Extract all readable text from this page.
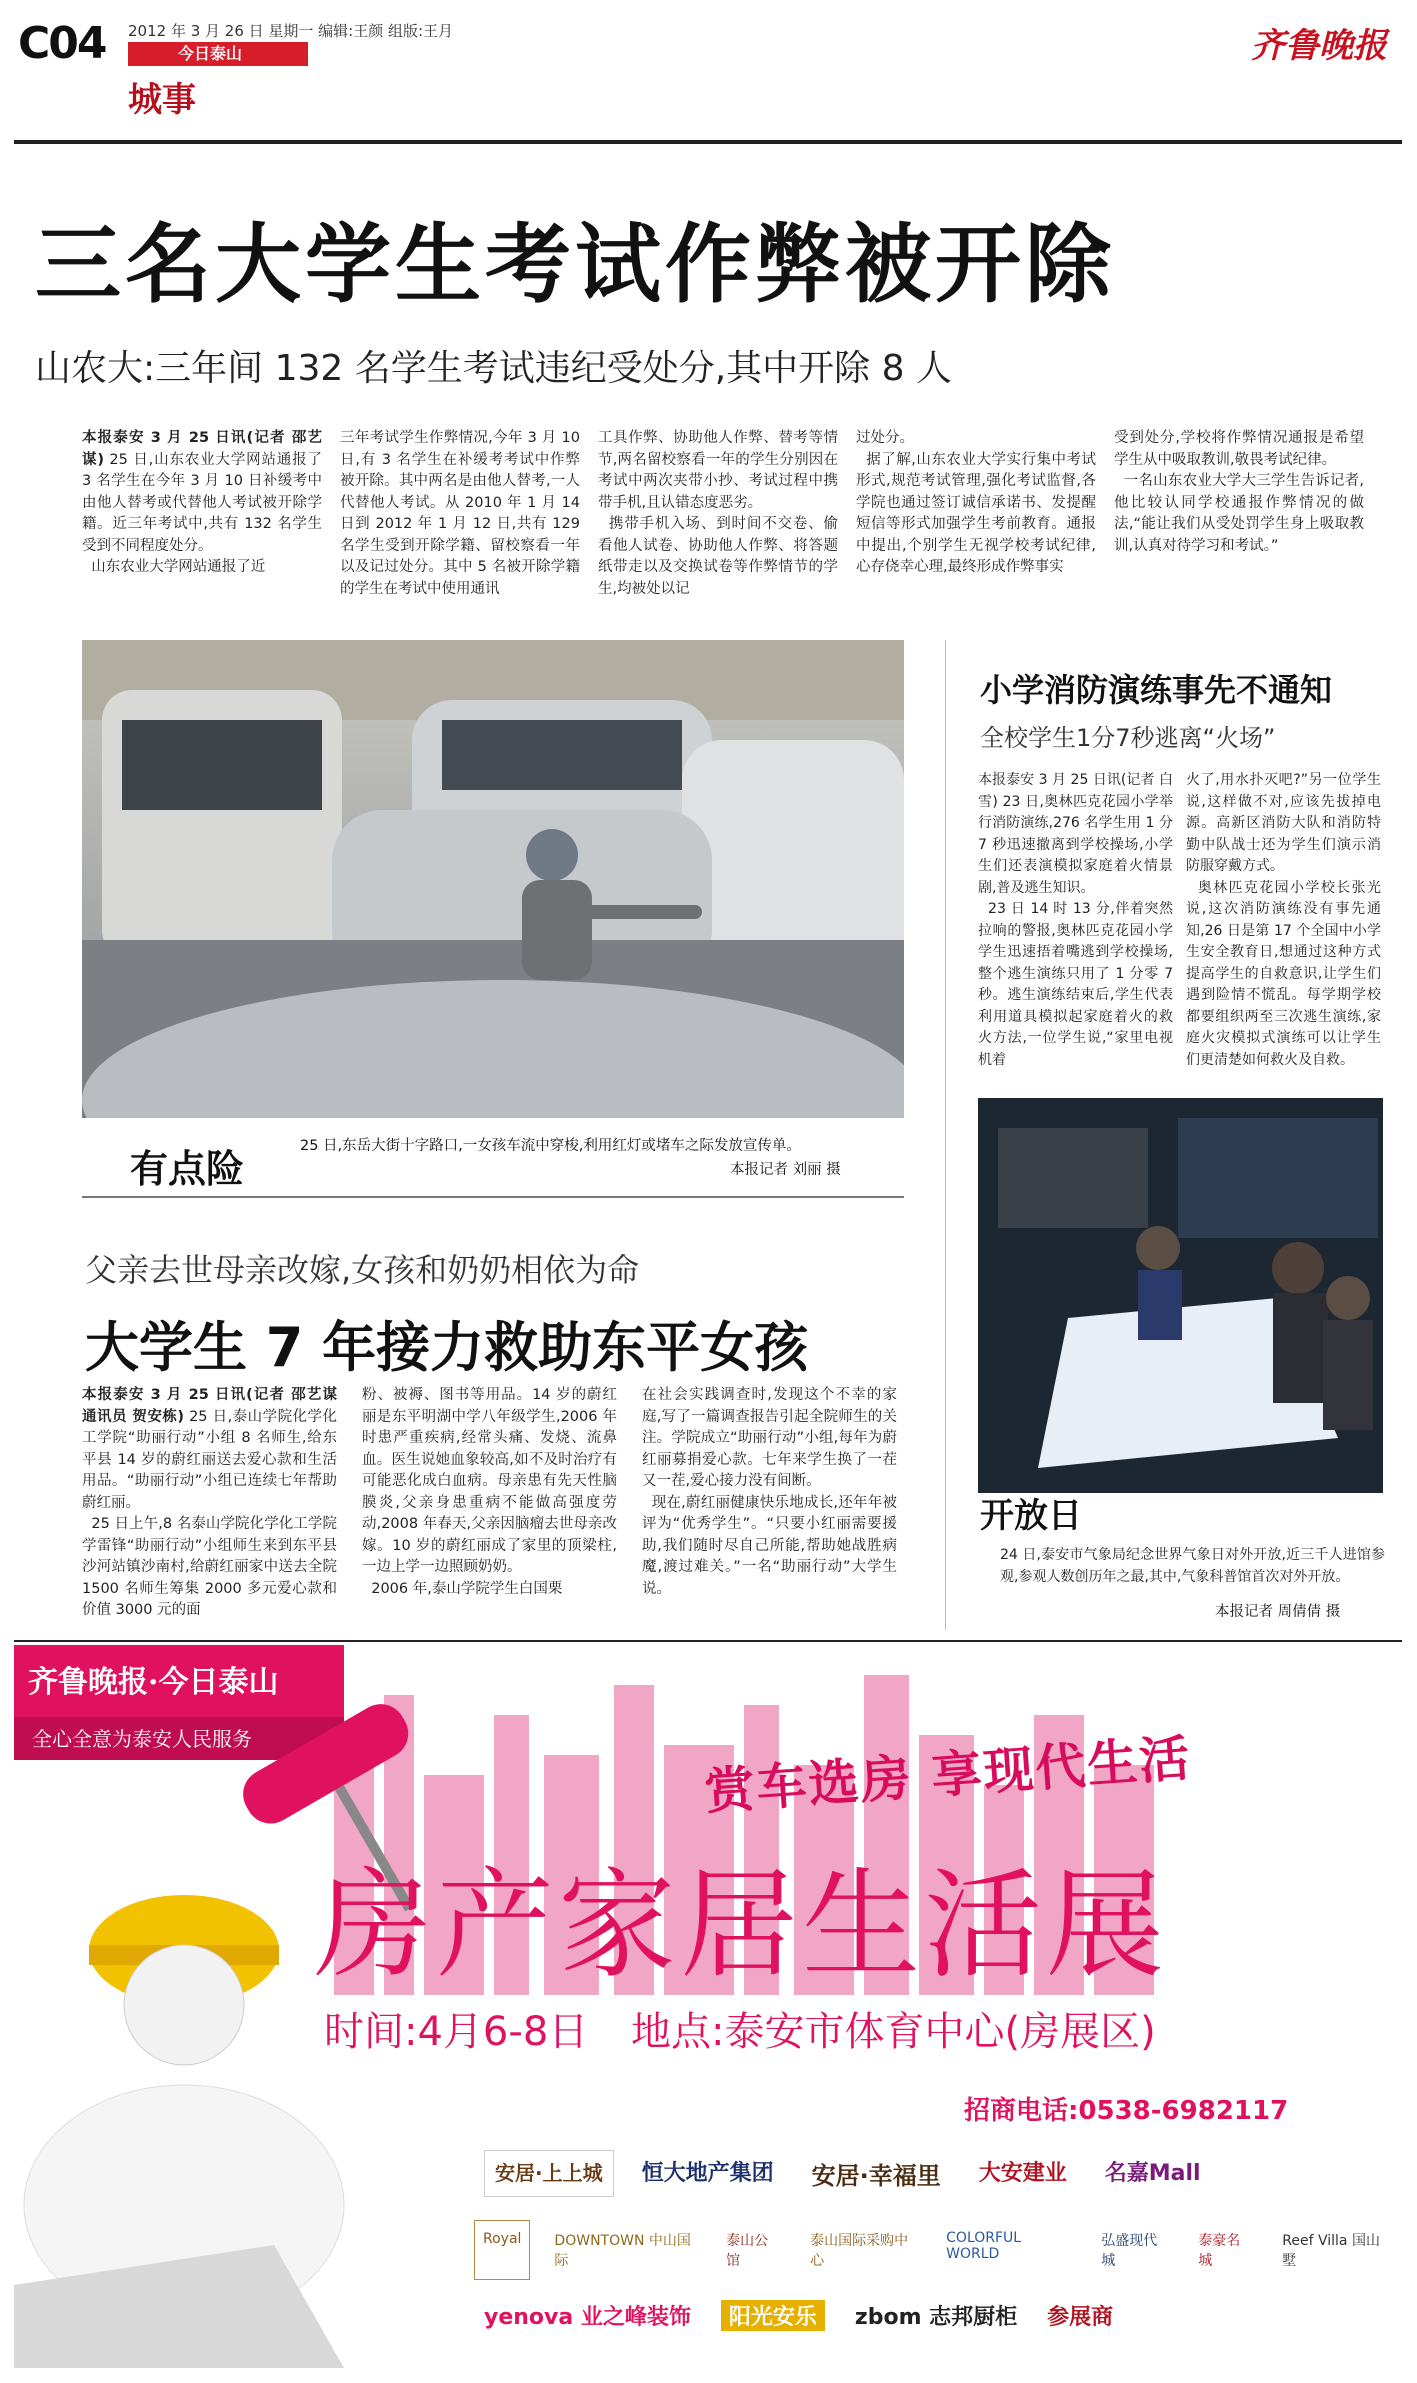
C04 2012 年 3 月 26 日 星期一 编辑:王颜 组版:王月
今日泰山
城事
齐鲁晚报
三名大学生考试作弊被开除
山农大:三年间 132 名学生考试违纪受处分,其中开除 8 人
本报泰安 3 月 25 日讯(记者 邵艺谋) 25 日,山东农业大学网站通报了 3 名学生在今年 3 月 10 日补缓考中由他人替考或代替他人考试被开除学籍。近三年考试中,共有 132 名学生受到不同程度处分。
山东农业大学网站通报了近
三年考试学生作弊情况,今年 3 月 10 日,有 3 名学生在补缓考考试中作弊被开除。其中两名是由他人替考,一人代替他人考试。从 2010 年 1 月 14 日到 2012 年 1 月 12 日,共有 129 名学生受到开除学籍、留校察看一年以及记过处分。其中 5 名被开除学籍的学生在考试中使用通讯
工具作弊、协助他人作弊、替考等情节,两名留校察看一年的学生分别因在考试中两次夹带小抄、考试过程中携带手机,且认错态度恶劣。
携带手机入场、到时间不交卷、偷看他人试卷、协助他人作弊、将答题纸带走以及交换试卷等作弊情节的学生,均被处以记
过处分。
据了解,山东农业大学实行集中考试形式,规范考试管理,强化考试监督,各学院也通过签订诚信承诺书、发提醒短信等形式加强学生考前教育。通报中提出,个别学生无视学校考试纪律,心存侥幸心理,最终形成作弊事实
受到处分,学校将作弊情况通报是希望学生从中吸取教训,敬畏考试纪律。
一名山东农业大学大三学生告诉记者,他比较认同学校通报作弊情况的做法,“能让我们从受处罚学生身上吸取教训,认真对待学习和考试。”
有点险
25 日,东岳大街十字路口,一女孩车流中穿梭,利用红灯或堵车之际发放宣传单。
本报记者 刘丽 摄
小学消防演练事先不通知
全校学生1分7秒逃离“火场”
本报泰安 3 月 25 日讯(记者 白雪) 23 日,奥林匹克花园小学举行消防演练,276 名学生用 1 分 7 秒迅速撤离到学校操场,小学生们还表演模拟家庭着火情景剧,普及逃生知识。
23 日 14 时 13 分,伴着突然拉响的警报,奥林匹克花园小学学生迅速捂着嘴逃到学校操场,整个逃生演练只用了 1 分零 7 秒。逃生演练结束后,学生代表利用道具模拟起家庭着火的救火方法,一位学生说,“家里电视机着
火了,用水扑灭吧?”另一位学生说,这样做不对,应该先拔掉电源。高新区消防大队和消防特勤中队战士还为学生们演示消防服穿戴方式。
奥林匹克花园小学校长张光说,这次消防演练没有事先通知,26 日是第 17 个全国中小学生安全教育日,想通过这种方式提高学生的自救意识,让学生们遇到险情不慌乱。每学期学校都要组织两至三次逃生演练,家庭火灾模拟式演练可以让学生们更清楚如何救火及自救。
开放日
24 日,泰安市气象局纪念世界气象日对外开放,近三千人进馆参观,参观人数创历年之最,其中,气象科普馆首次对外开放。
本报记者 周倩倩 摄
父亲去世母亲改嫁,女孩和奶奶相依为命
大学生 7 年接力救助东平女孩
本报泰安 3 月 25 日讯(记者 邵艺谋 通讯员 贺安栋) 25 日,泰山学院化学化工学院“助丽行动”小组 8 名师生,给东平县 14 岁的蔚红丽送去爱心款和生活用品。“助丽行动”小组已连续七年帮助蔚红丽。
25 日上午,8 名泰山学院化学化工学院学雷锋“助丽行动”小组师生来到东平县沙河站镇沙南村,给蔚红丽家中送去全院 1500 名师生筹集 2000 多元爱心款和价值 3000 元的面
粉、被褥、图书等用品。14 岁的蔚红丽是东平明湖中学八年级学生,2006 年时患严重疾病,经常头痛、发烧、流鼻血。医生说她血象较高,如不及时治疗有可能恶化成白血病。母亲患有先天性脑膜炎,父亲身患重病不能做高强度劳动,2008 年春天,父亲因脑瘤去世母亲改嫁。10 岁的蔚红丽成了家里的顶梁柱,一边上学一边照顾奶奶。
2006 年,泰山学院学生白国栗
在社会实践调查时,发现这个不幸的家庭,写了一篇调查报告引起全院师生的关注。学院成立“助丽行动”小组,每年为蔚红丽募捐爱心款。七年来学生换了一茬又一茬,爱心接力没有间断。
现在,蔚红丽健康快乐地成长,还年年被评为“优秀学生”。“只要小红丽需要援助,我们随时尽自己所能,帮助她战胜病魔,渡过难关。”一名“助丽行动”大学生说。
齐鲁晚报·今日泰山
全心全意为泰安人民服务	赏车选房 享现代生活
房产家居生活展
时间:4月6-8日 地点:泰安市体育中心(房展区)
招商电话:0538-6982117
安居·上上城	恒大地产集团	安居·幸福里	大安建业	名嘉Mall
Royal	DOWNTOWN 中山国际
泰山公馆
泰山国际采购中心
COLORFUL WORLD
弘盛现代城
泰豪名城
Reef Villa 国山墅
yenova 业之峰装饰	阳光安乐	zbom 志邦厨柜 参展商
